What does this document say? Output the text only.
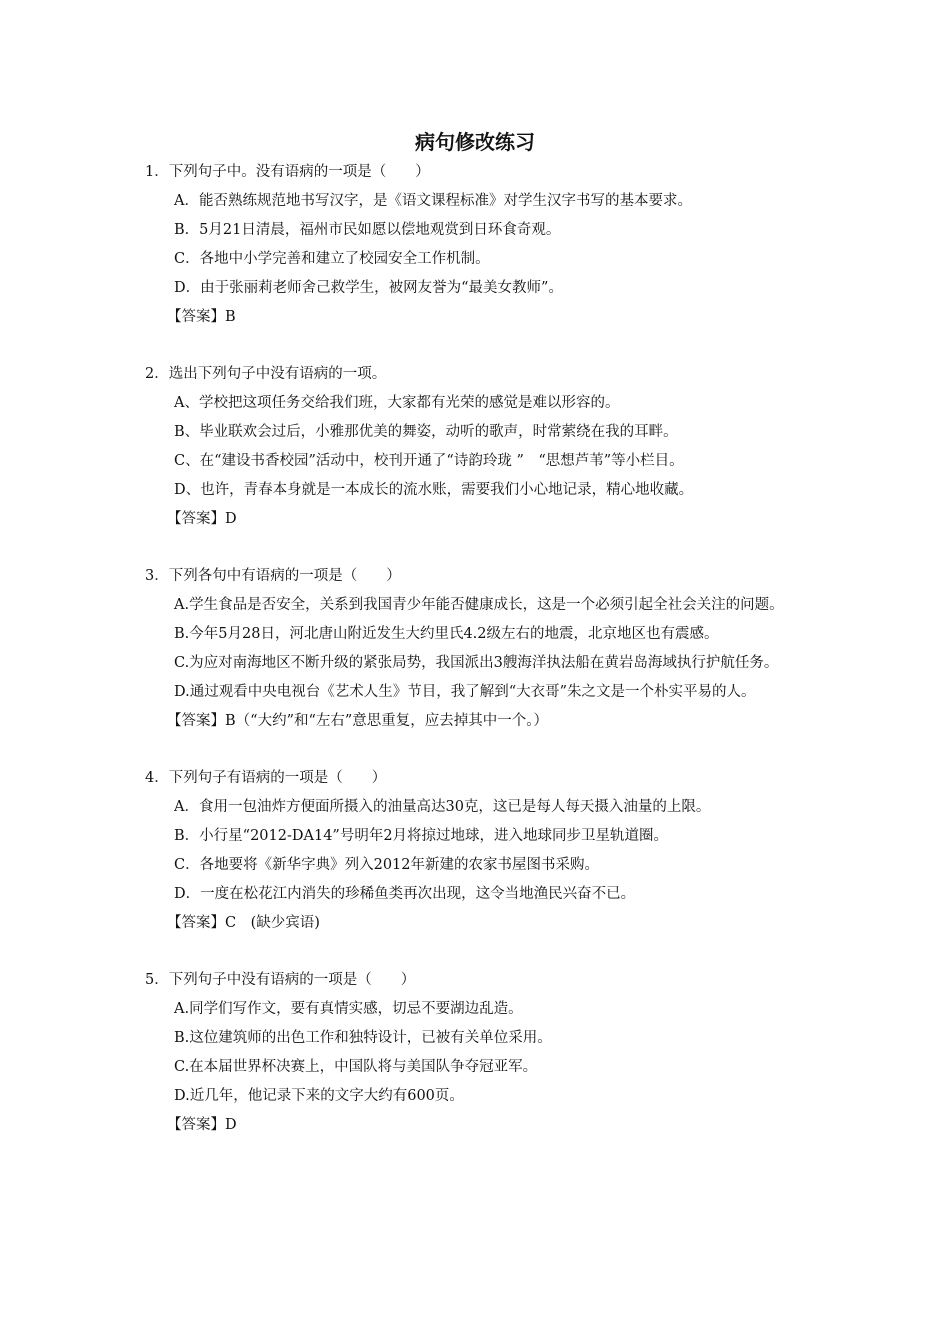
病句修改练习
1．下列句子中。没有语病的一项是（　　）
A．能否熟练规范地书写汉字，是《语文课程标准》对学生汉字书写的基本要求。
B．5月21日清晨，福州市民如愿以偿地观赏到日环食奇观。
C．各地中小学完善和建立了校园安全工作机制。
D．由于张丽莉老师舍己救学生，被网友誉为“最美女教师”。
【答案】B
2．选出下列句子中没有语病的一项。
A、学校把这项任务交给我们班，大家都有光荣的感觉是难以形容的。
B、毕业联欢会过后，小雅那优美的舞姿，动听的歌声，时常萦绕在我的耳畔。
C、在“建设书香校园”活动中，校刊开通了“诗韵玲珑 ”　“思想芦苇”等小栏目。
D、也许，青春本身就是一本成长的流水账，需要我们小心地记录，精心地收藏。
【答案】D
3．下列各句中有语病的一项是（　　）
A.学生食品是否安全，关系到我国青少年能否健康成长，这是一个必须引起全社会关注的问题。
B.今年5月28日，河北唐山附近发生大约里氏4.2级左右的地震，北京地区也有震感。
C.为应对南海地区不断升级的紧张局势，我国派出3艘海洋执法船在黄岩岛海域执行护航任务。
D.通过观看中央电视台《艺术人生》节目，我了解到“大衣哥”朱之文是一个朴实平易的人。
【答案】B（“大约”和“左右”意思重复，应去掉其中一个。）
4．下列句子有语病的一项是（　　）
A．食用一包油炸方便面所摄入的油量高达30克，这已是每人每天摄入油量的上限。
B．小行星“2012-DA14”号明年2月将掠过地球，进入地球同步卫星轨道圈。
C．各地要将《新华字典》列入2012年新建的农家书屋图书采购。
D．一度在松花江内消失的珍稀鱼类再次出现，这令当地渔民兴奋不已。
【答案】C　(缺少宾语)
5．下列句子中没有语病的一项是（　　）
A.同学们写作文，要有真情实感，切忌不要湖边乱造。
B.这位建筑师的出色工作和独特设计，已被有关单位采用。
C.在本届世界杯决赛上，中国队将与美国队争夺冠亚军。
D.近几年，他记录下来的文字大约有600页。
【答案】D
